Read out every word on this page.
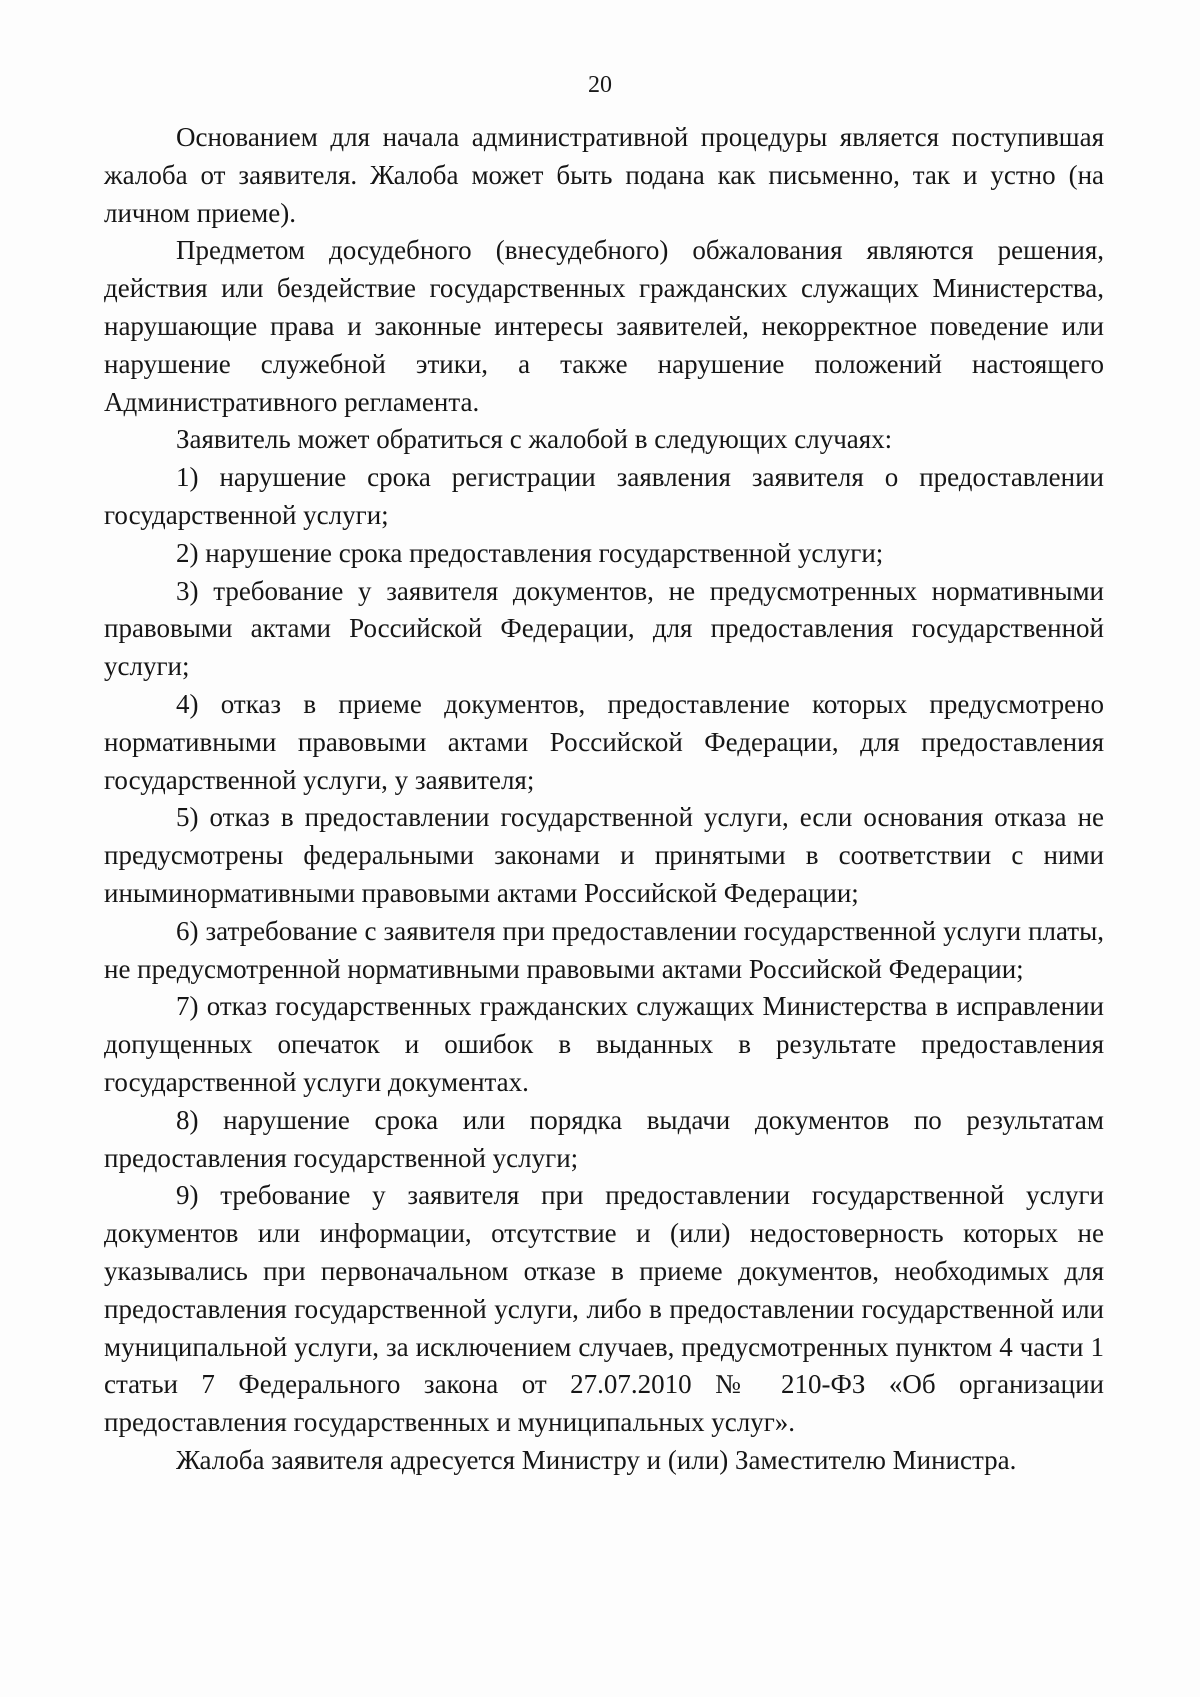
20

Основанием для начала административной процедуры является поступившая жалоба от заявителя. Жалоба может быть подана как письменно, так и устно (на личном приеме).

Предметом досудебного (внесудебного) обжалования являются решения, действия или бездействие государственных гражданских служащих Министерства, нарушающие права и законные интересы заявителей, некорректное поведение или нарушение служебной этики, а также нарушение положений настоящего Административного регламента.

Заявитель может обратиться с жалобой в следующих случаях:

1) нарушение срока регистрации заявления заявителя о предоставлении государственной услуги;

2) нарушение срока предоставления государственной услуги;

3) требование у заявителя документов, не предусмотренных нормативными правовыми актами Российской Федерации, для предоставления государственной услуги;

4) отказ в приеме документов, предоставление которых предусмотрено нормативными правовыми актами Российской Федерации, для предоставления государственной услуги, у заявителя;

5) отказ в предоставлении государственной услуги, если основания отказа не предусмотрены федеральными законами и принятыми в соответствии с ними иныминормативными правовыми актами Российской Федерации;

6) затребование с заявителя при предоставлении государственной услуги платы, не предусмотренной нормативными правовыми актами Российской Федерации;

7) отказ государственных гражданских служащих Министерства в исправлении допущенных опечаток и ошибок в выданных в результате предоставления государственной услуги документах.

8) нарушение срока или порядка выдачи документов по результатам предоставления государственной услуги;

9) требование у заявителя при предоставлении государственной услуги документов или информации, отсутствие и (или) недостоверность которых не указывались при первоначальном отказе в приеме документов, необходимых для предоставления государственной услуги, либо в предоставлении государственной или муниципальной услуги, за исключением случаев, предусмотренных пунктом 4 части 1 статьи 7 Федерального закона от 27.07.2010 № 210-ФЗ «Об организации предоставления государственных и муниципальных услуг».

Жалоба заявителя адресуется Министру и (или) Заместителю Министра.
